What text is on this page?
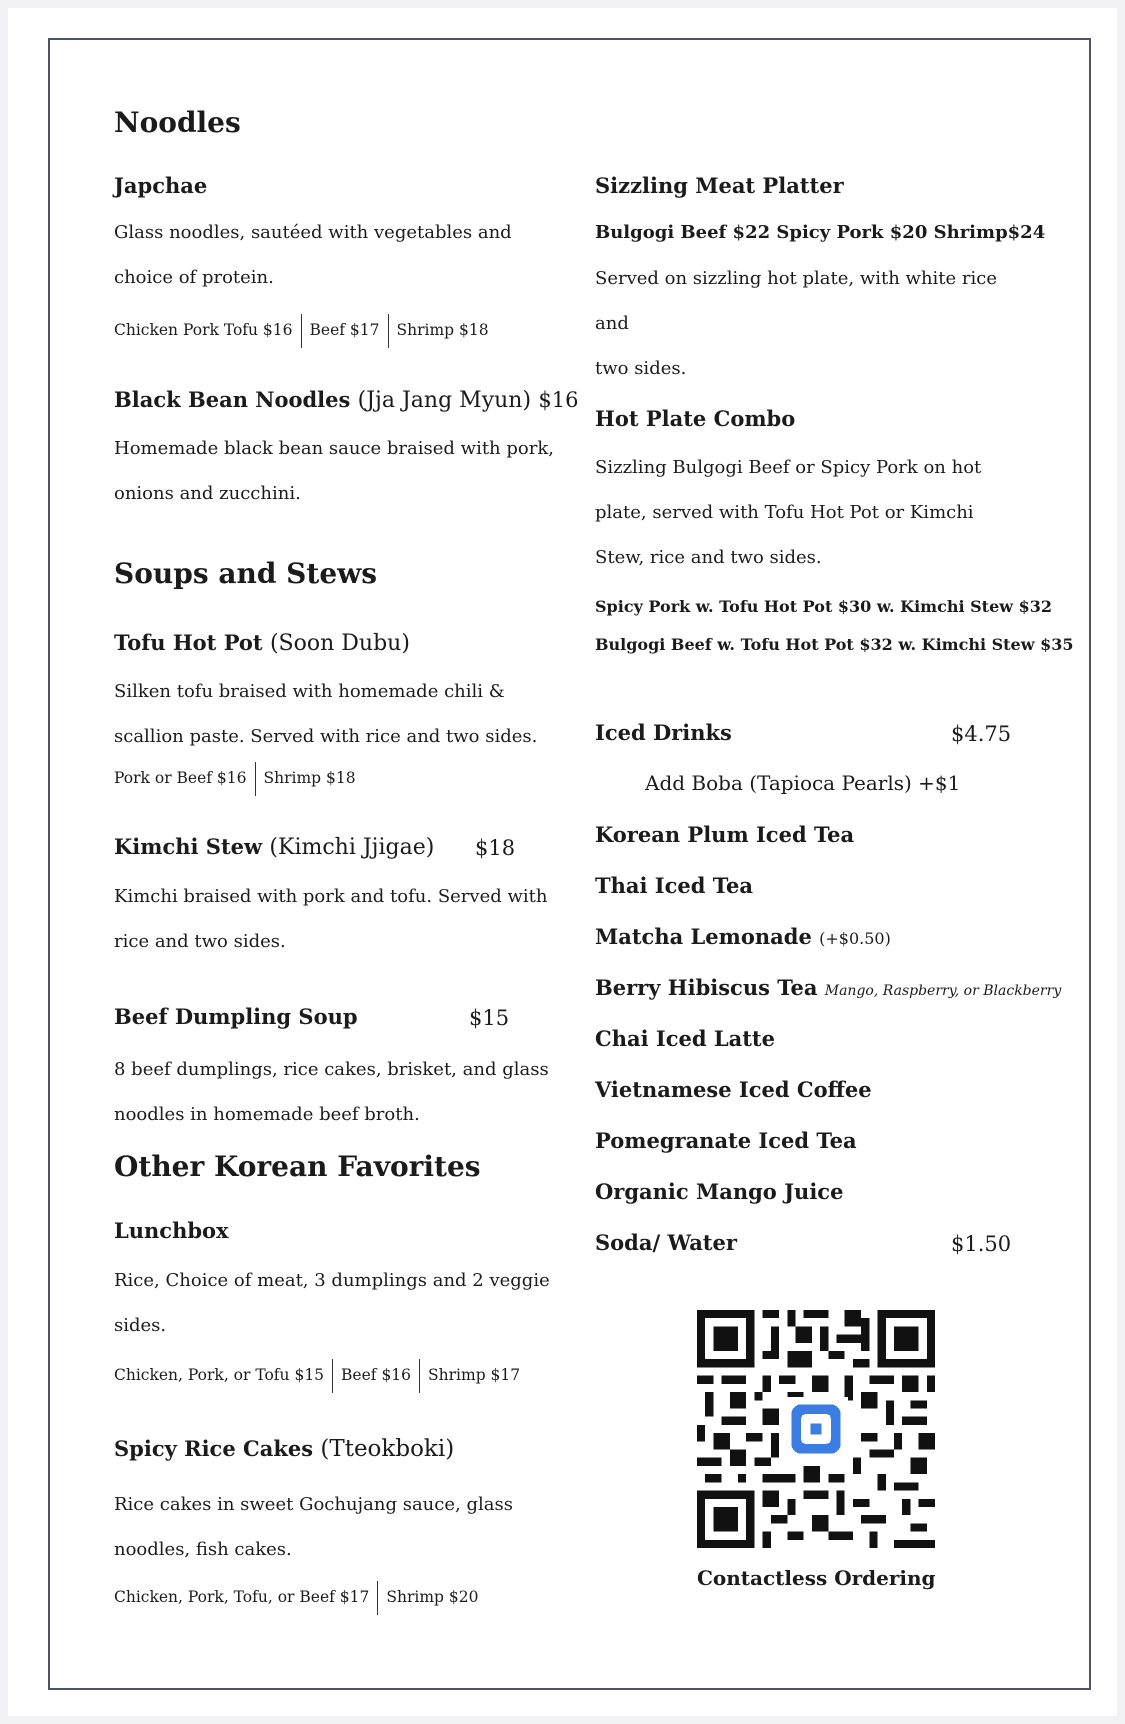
Noodles
Japchae
Glass noodles, sautéed with vegetables and
choice of protein.
Chicken Pork Tofu $16 Beef $17 Shrimp $18
Black Bean Noodles (Jja Jang Myun) $16
Homemade black bean sauce braised with pork,
onions and zucchini.
Soups and Stews
Tofu Hot Pot (Soon Dubu)
Silken tofu braised with homemade chili &
scallion paste. Served with rice and two sides.
Pork or Beef $16 Shrimp $18
Kimchi Stew (Kimchi Jjigae) $18
Kimchi braised with pork and tofu. Served with
rice and two sides.
Beef Dumpling Soup	$15
8 beef dumplings, rice cakes, brisket, and glass
noodles in homemade beef broth.
Other Korean Favorites
Lunchbox
Rice, Choice of meat, 3 dumplings and 2 veggie
sides.
Chicken, Pork, or Tofu $15 Beef $16 Shrimp $17
Spicy Rice Cakes (Tteokboki)
Rice cakes in sweet Gochujang sauce, glass
noodles, fish cakes.
Chicken, Pork, Tofu, or Beef $17 Shrimp $20
Sizzling Meat Platter
Bulgogi Beef $22 Spicy Pork $20 Shrimp$24
Served on sizzling hot plate, with white rice and
two sides.
Hot Plate Combo
Sizzling Bulgogi Beef or Spicy Pork on hot
plate, served with Tofu Hot Pot or Kimchi
Stew, rice and two sides.
Spicy Pork w. Tofu Hot Pot $30 w. Kimchi Stew $32
Bulgogi Beef w. Tofu Hot Pot $32 w. Kimchi Stew $35
Iced Drinks	$4.75
Add Boba (Tapioca Pearls) +$1
Korean Plum Iced Tea
Thai Iced Tea
Matcha Lemonade (+$0.50)
Berry Hibiscus Tea Mango, Raspberry, or Blackberry
Chai Iced Latte
Vietnamese Iced Coffee
Pomegranate Iced Tea
Organic Mango Juice
Soda/ Water	$1.50
Contactless Ordering
